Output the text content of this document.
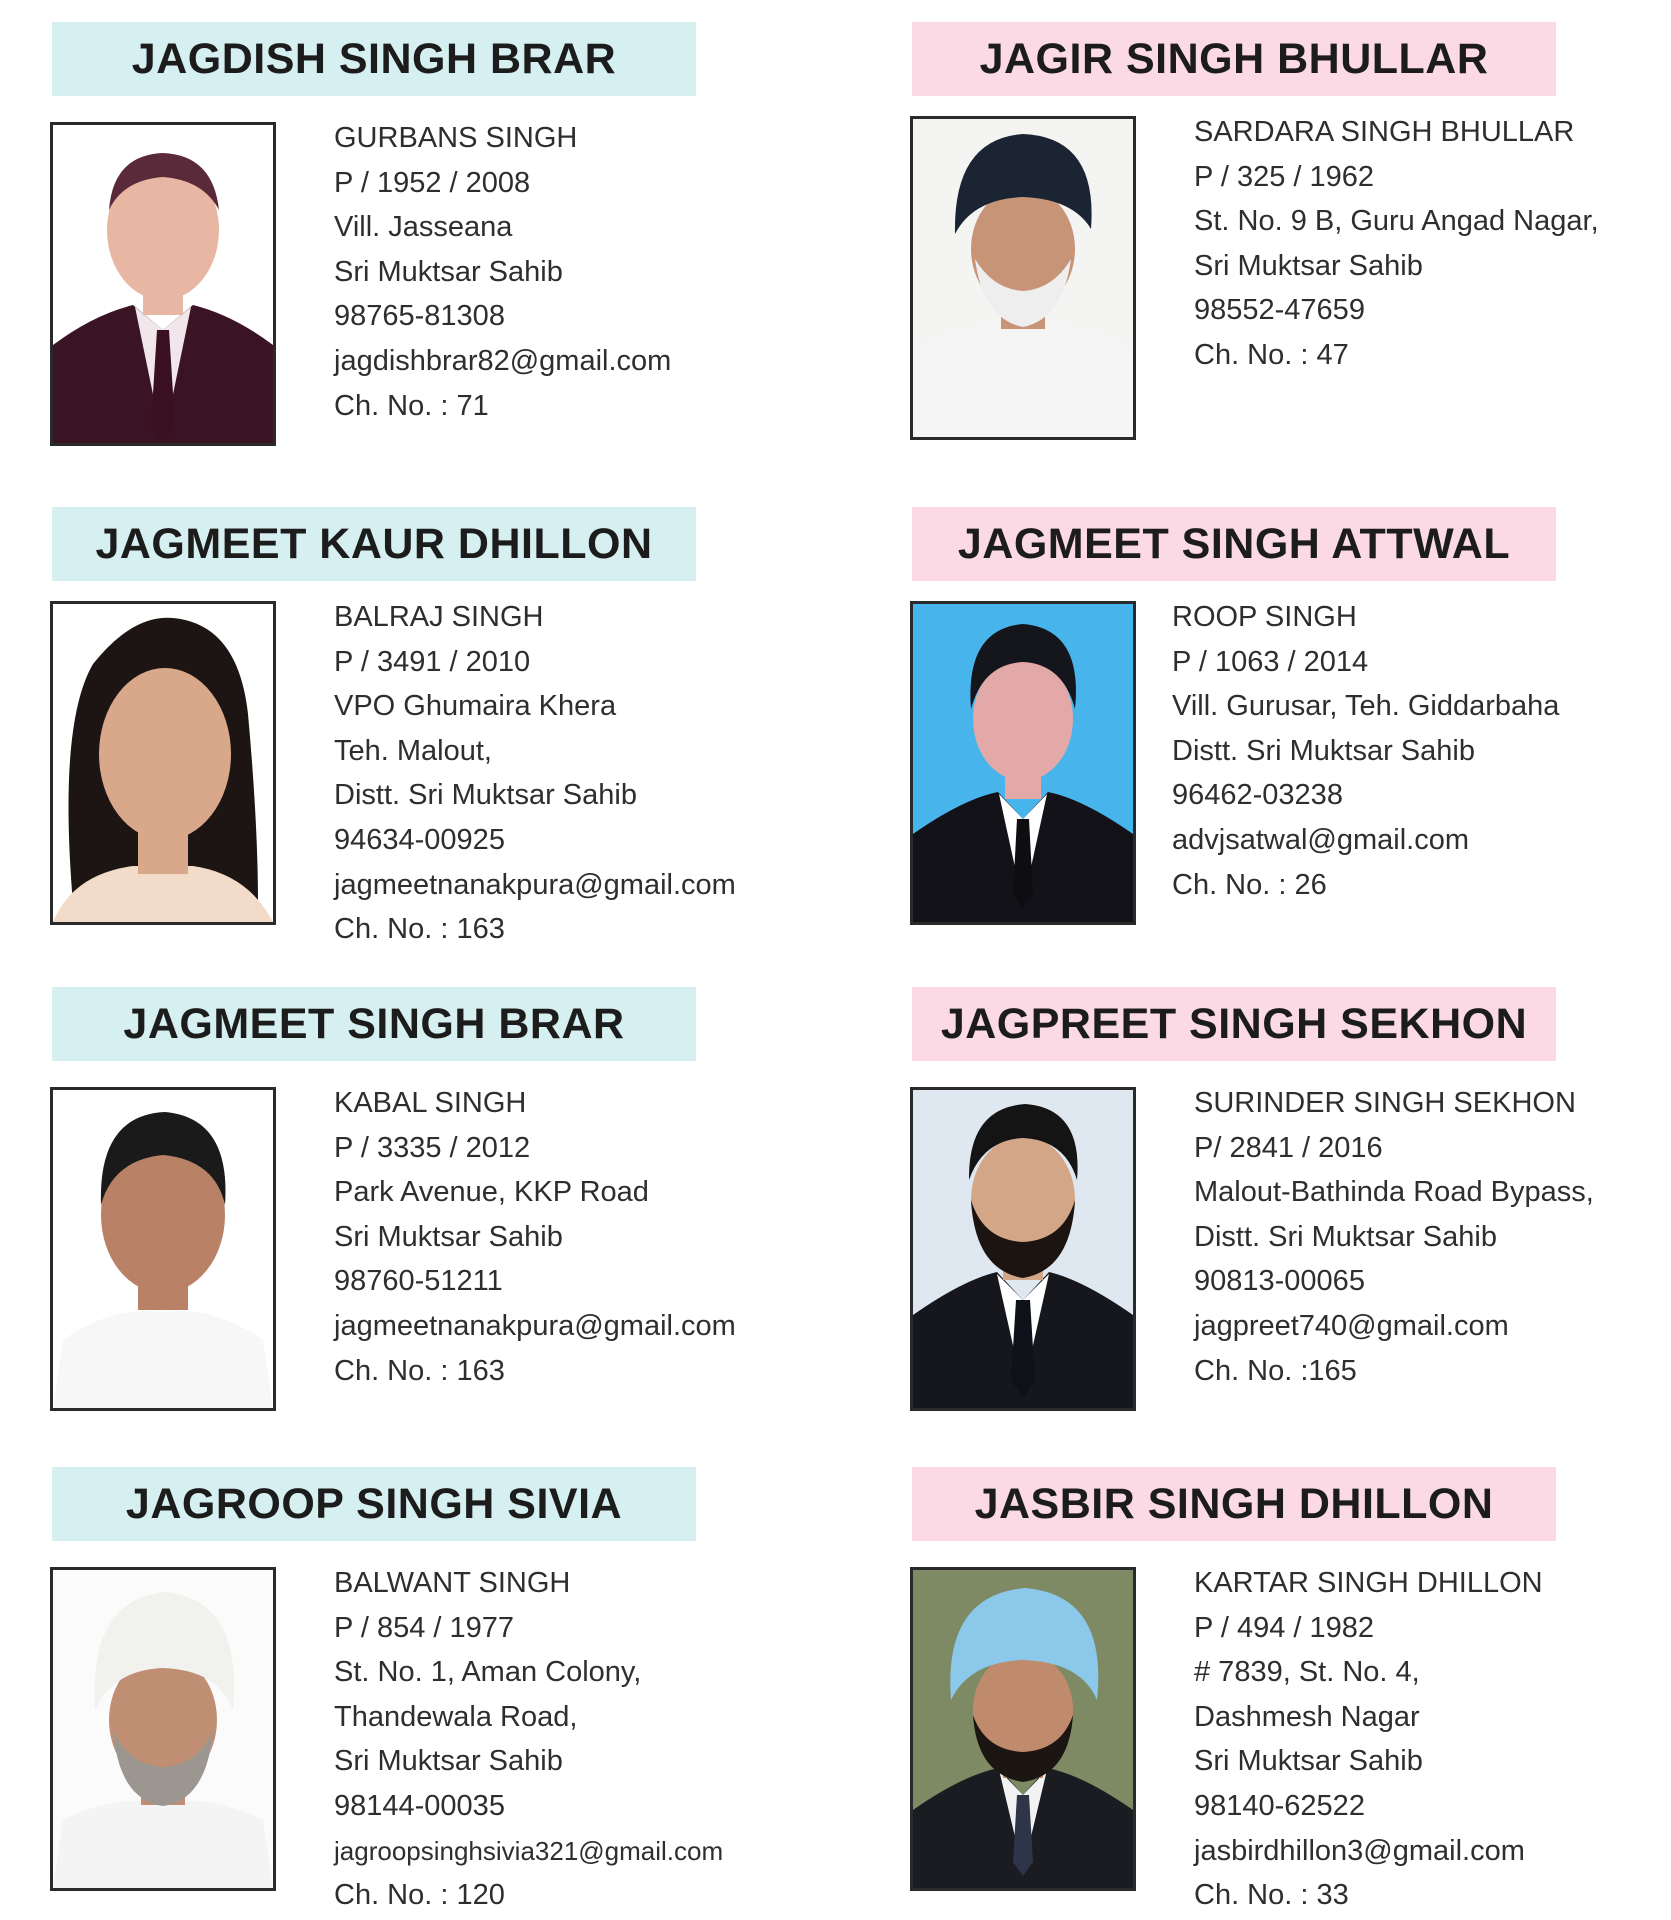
JAGDISH SINGH BRAR
GURBANS SINGH
P / 1952 / 2008
Vill. Jasseana
Sri Muktsar Sahib
98765-81308
jagdishbrar82@gmail.com
Ch. No. : 71
JAGIR SINGH BHULLAR
SARDARA SINGH BHULLAR
P / 325 / 1962
St. No. 9 B, Guru Angad Nagar,
Sri Muktsar Sahib
98552-47659
Ch. No. : 47
JAGMEET KAUR DHILLON
BALRAJ SINGH
P / 3491 / 2010
VPO Ghumaira Khera
Teh. Malout,
Distt. Sri Muktsar Sahib
94634-00925
jagmeetnanakpura@gmail.com
Ch. No. : 163
JAGMEET SINGH ATTWAL
ROOP SINGH
P / 1063 / 2014
Vill. Gurusar, Teh. Giddarbaha
Distt. Sri Muktsar Sahib
96462-03238
advjsatwal@gmail.com
Ch. No. : 26
JAGMEET SINGH BRAR
KABAL SINGH
P / 3335 / 2012
Park Avenue, KKP Road
Sri Muktsar Sahib
98760-51211
jagmeetnanakpura@gmail.com
Ch. No. : 163
JAGPREET SINGH SEKHON
SURINDER SINGH SEKHON
P/ 2841 / 2016
Malout-Bathinda Road Bypass,
Distt. Sri Muktsar Sahib
90813-00065
jagpreet740@gmail.com
Ch. No. :165
JAGROOP SINGH SIVIA
BALWANT SINGH
P / 854 / 1977
St. No. 1, Aman Colony,
Thandewala Road,
Sri Muktsar Sahib
98144-00035
jagroopsinghsivia321@gmail.com
Ch. No. : 120
JASBIR SINGH DHILLON
KARTAR SINGH DHILLON
P / 494 / 1982
# 7839, St. No. 4,
Dashmesh Nagar
Sri Muktsar Sahib
98140-62522
jasbirdhillon3@gmail.com
Ch. No. : 33
